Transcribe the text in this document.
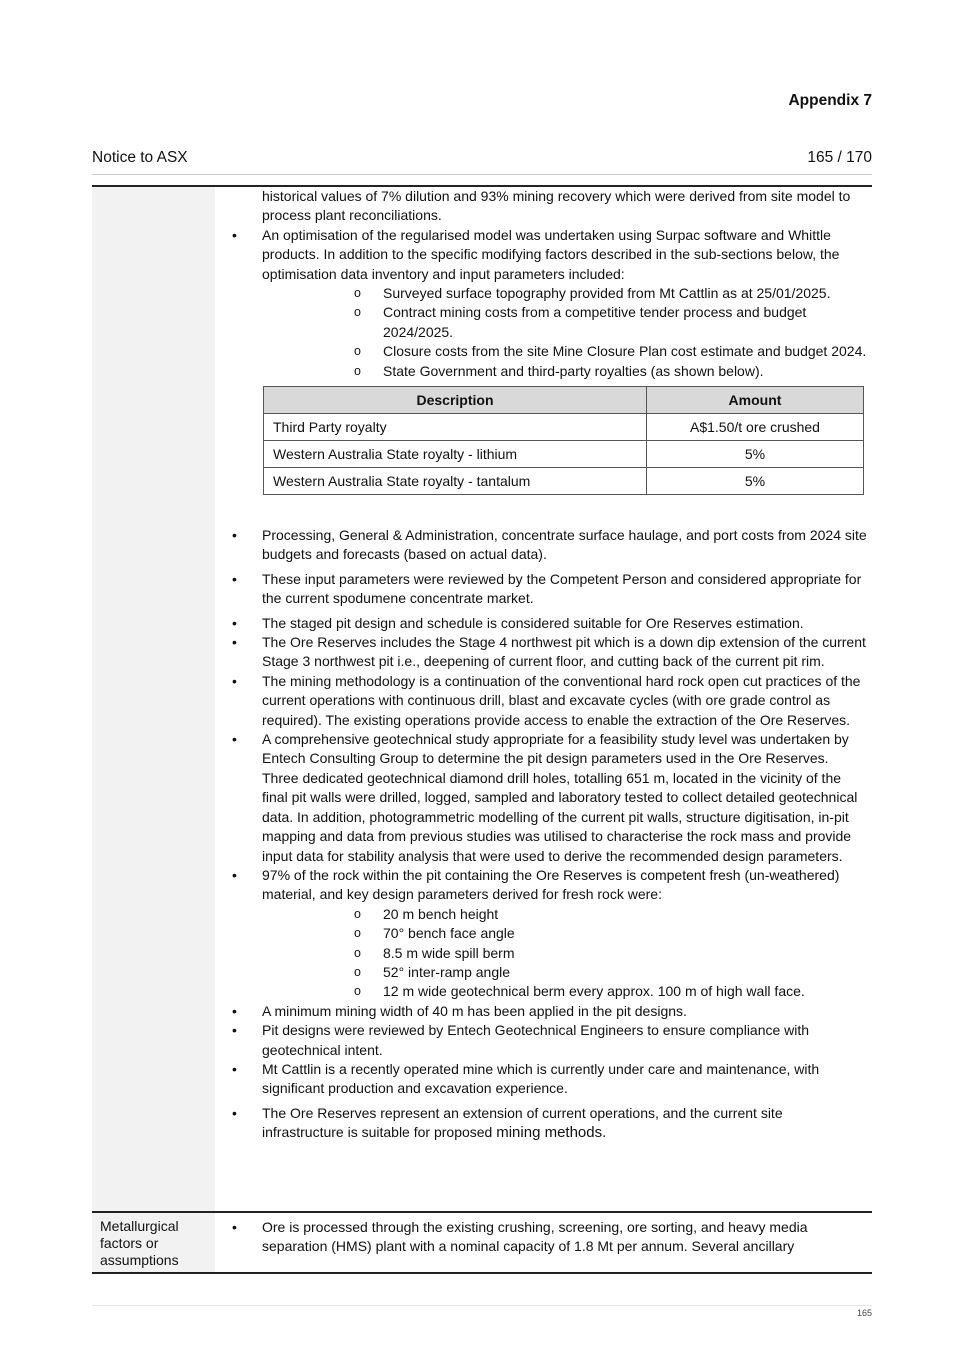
Appendix 7
Notice to ASX	165 / 170
historical values of 7% dilution and 93% mining recovery which were derived from site model to process plant reconciliations.
• An optimisation of the regularised model was undertaken using Surpac software and Whittle products. In addition to the specific modifying factors described in the sub-sections below, the optimisation data inventory and input parameters included:
o Surveyed surface topography provided from Mt Cattlin as at 25/01/2025.
o Contract mining costs from a competitive tender process and budget 2024/2025.
o Closure costs from the site Mine Closure Plan cost estimate and budget 2024.
o State Government and third-party royalties (as shown below).
Description	Amount
Third Party royalty	A$1.50/t ore crushed
Western Australia State royalty - lithium	5%
Western Australia State royalty - tantalum	5%
• Processing, General & Administration, concentrate surface haulage, and port costs from 2024 site budgets and forecasts (based on actual data).
• These input parameters were reviewed by the Competent Person and considered appropriate for the current spodumene concentrate market.
• The staged pit design and schedule is considered suitable for Ore Reserves estimation.
• The Ore Reserves includes the Stage 4 northwest pit which is a down dip extension of the current Stage 3 northwest pit i.e., deepening of current floor, and cutting back of the current pit rim.
• The mining methodology is a continuation of the conventional hard rock open cut practices of the current operations with continuous drill, blast and excavate cycles (with ore grade control as required). The existing operations provide access to enable the extraction of the Ore Reserves.
• A comprehensive geotechnical study appropriate for a feasibility study level was undertaken by Entech Consulting Group to determine the pit design parameters used in the Ore Reserves. Three dedicated geotechnical diamond drill holes, totalling 651 m, located in the vicinity of the final pit walls were drilled, logged, sampled and laboratory tested to collect detailed geotechnical data. In addition, photogrammetric modelling of the current pit walls, structure digitisation, in-pit mapping and data from previous studies was utilised to characterise the rock mass and provide input data for stability analysis that were used to derive the recommended design parameters.
• 97% of the rock within the pit containing the Ore Reserves is competent fresh (un-weathered) material, and key design parameters derived for fresh rock were:
o 20 m bench height
o 70° bench face angle
o 8.5 m wide spill berm
o 52° inter-ramp angle
o 12 m wide geotechnical berm every approx. 100 m of high wall face.
• A minimum mining width of 40 m has been applied in the pit designs.
• Pit designs were reviewed by Entech Geotechnical Engineers to ensure compliance with geotechnical intent.
• Mt Cattlin is a recently operated mine which is currently under care and maintenance, with significant production and excavation experience.
• The Ore Reserves represent an extension of current operations, and the current site infrastructure is suitable for proposed mining methods.
Metallurgical factors or assumptions
• Ore is processed through the existing crushing, screening, ore sorting, and heavy media separation (HMS) plant with a nominal capacity of 1.8 Mt per annum. Several ancillary
165
